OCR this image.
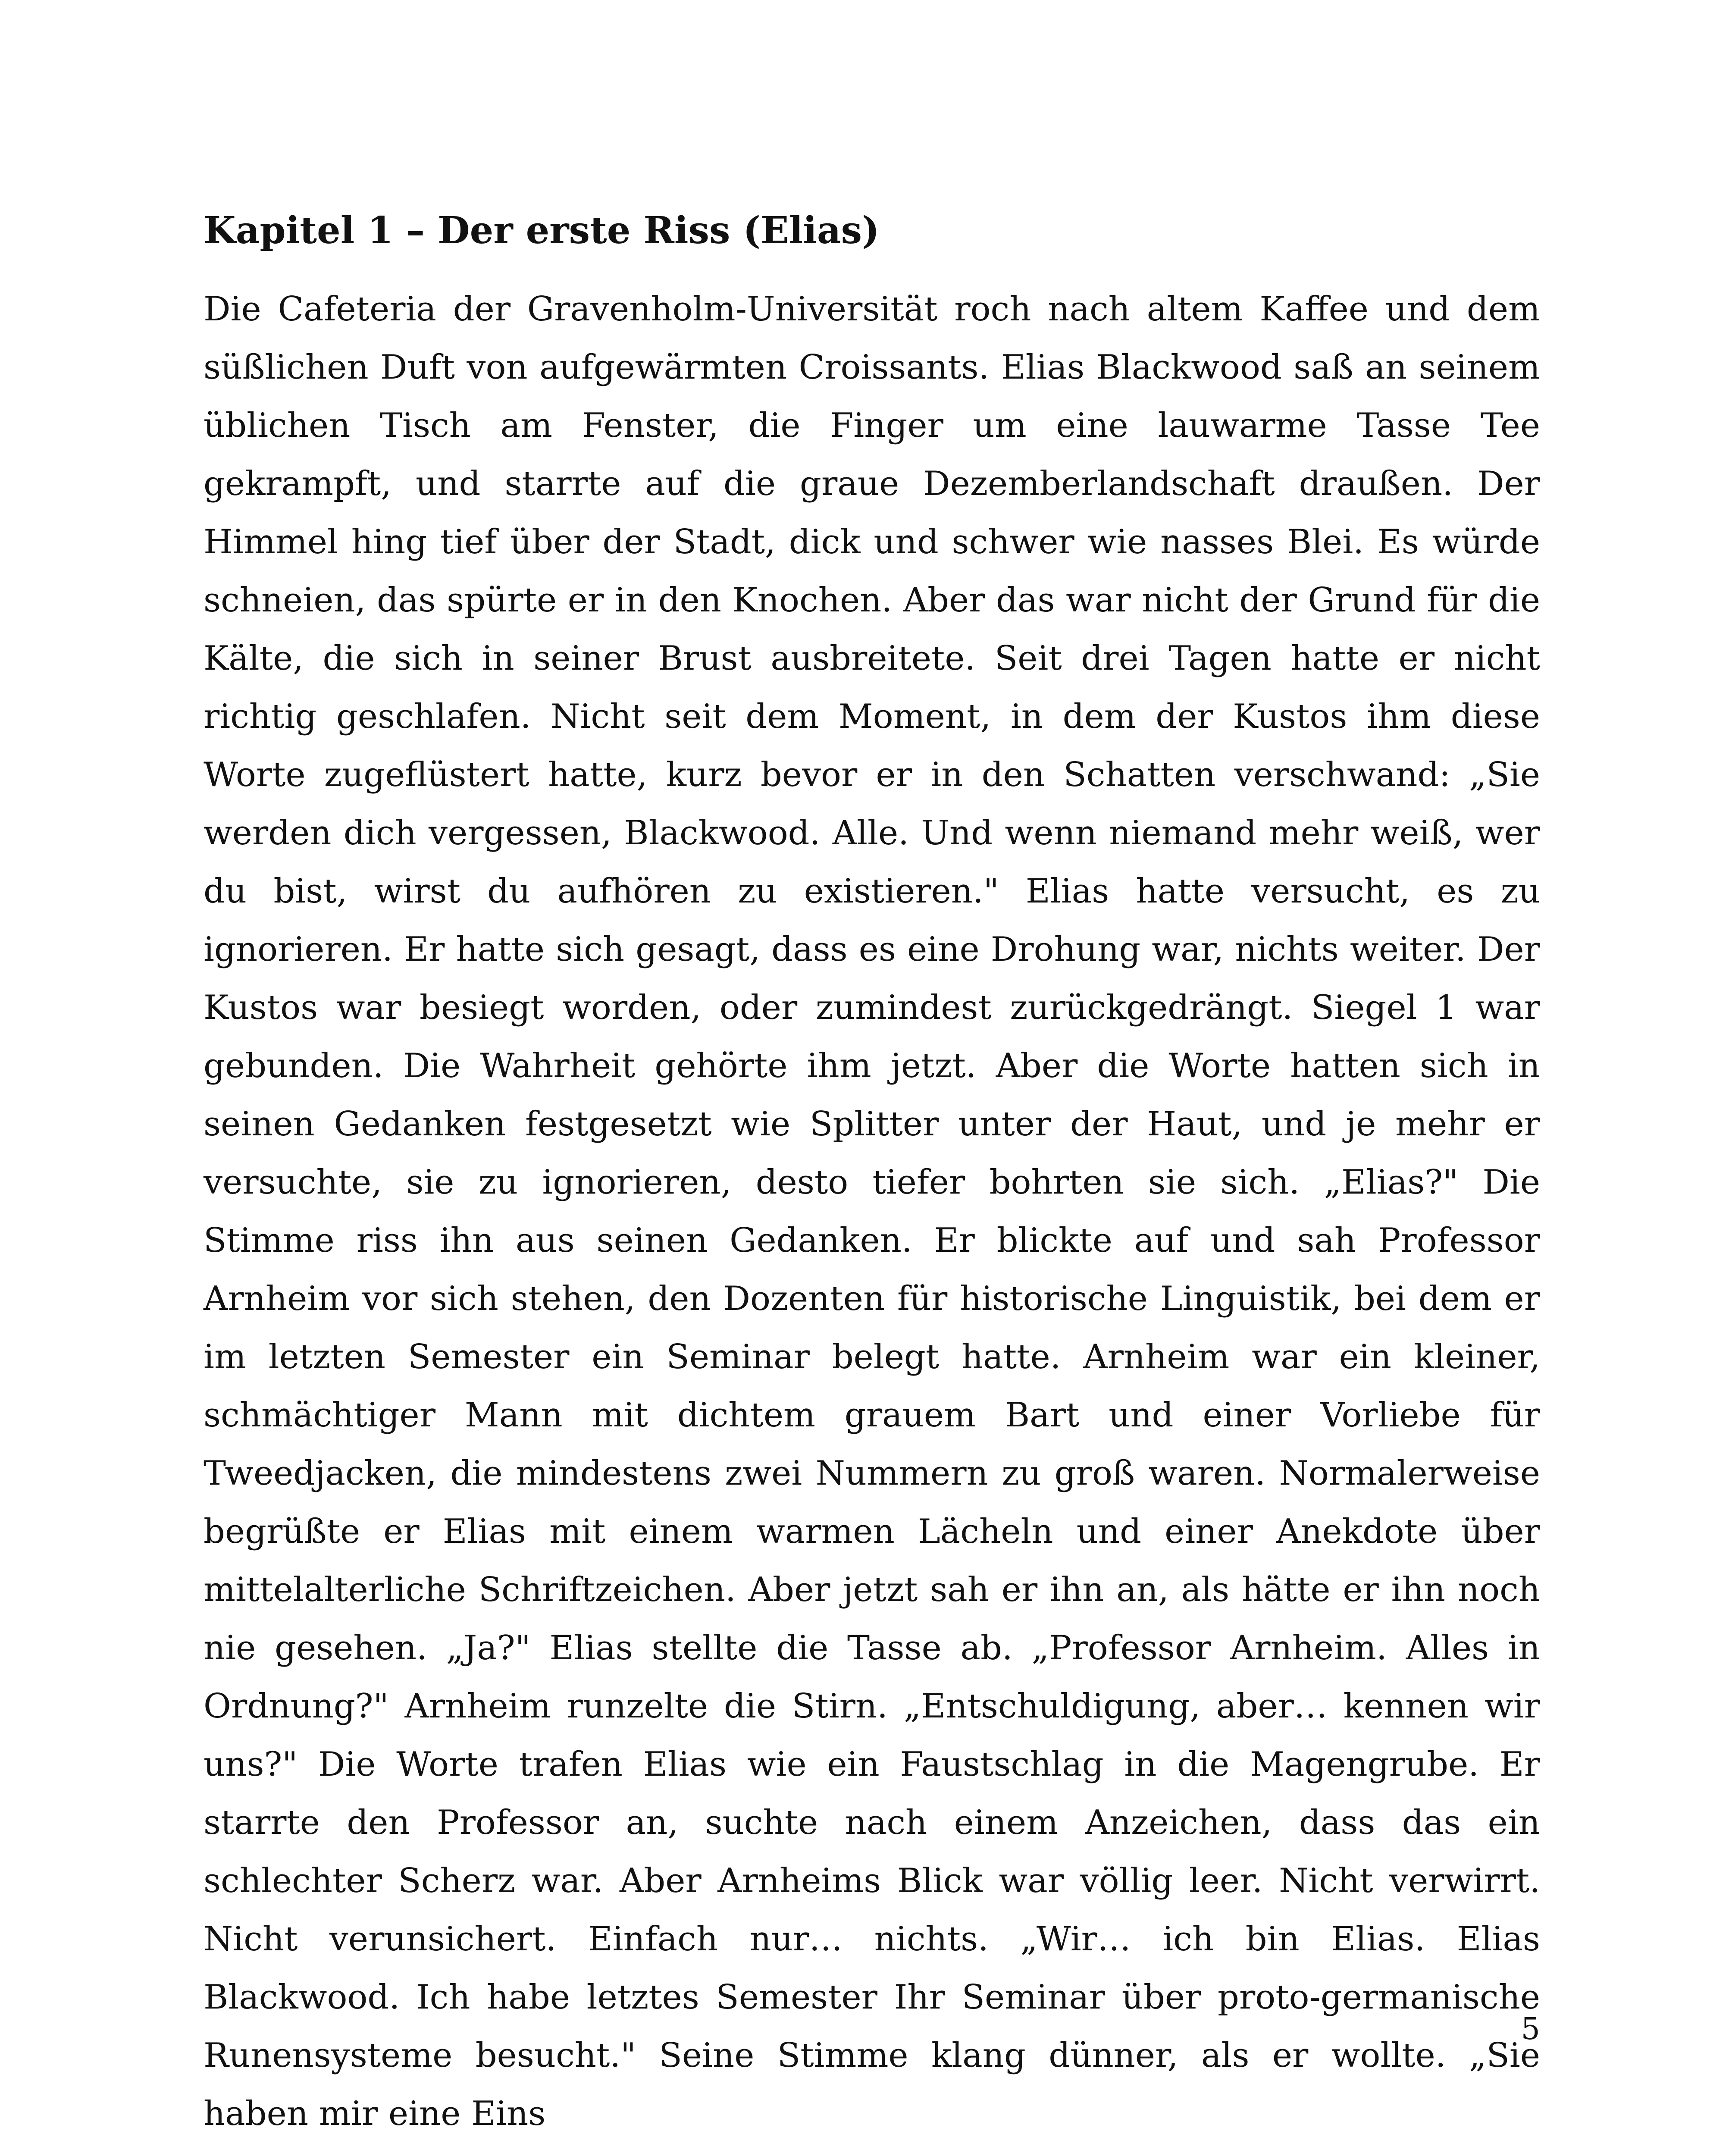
Kapitel 1 – Der erste Riss (Elias)

Die Cafeteria der Gravenholm-Universität roch nach altem Kaffee und dem süßlichen Duft von aufgewärmten Croissants. Elias Blackwood saß an seinem üblichen Tisch am Fenster, die Finger um eine lauwarme Tasse Tee gekrampft, und starrte auf die graue Dezemberlandschaft draußen. Der Himmel hing tief über der Stadt, dick und schwer wie nasses Blei. Es würde schneien, das spürte er in den Knochen. Aber das war nicht der Grund für die Kälte, die sich in seiner Brust ausbreitete. Seit drei Tagen hatte er nicht richtig geschlafen. Nicht seit dem Moment, in dem der Kustos ihm diese Worte zugeflüstert hatte, kurz bevor er in den Schatten verschwand: „Sie werden dich vergessen, Blackwood. Alle. Und wenn niemand mehr weiß, wer du bist, wirst du aufhören zu existieren." Elias hatte versucht, es zu ignorieren. Er hatte sich gesagt, dass es eine Drohung war, nichts weiter. Der Kustos war besiegt worden, oder zumindest zurückgedrängt. Siegel 1 war gebunden. Die Wahrheit gehörte ihm jetzt. Aber die Worte hatten sich in seinen Gedanken festgesetzt wie Splitter unter der Haut, und je mehr er versuchte, sie zu ignorieren, desto tiefer bohrten sie sich. „Elias?" Die Stimme riss ihn aus seinen Gedanken. Er blickte auf und sah Professor Arnheim vor sich stehen, den Dozenten für historische Linguistik, bei dem er im letzten Semester ein Seminar belegt hatte. Arnheim war ein kleiner, schmächtiger Mann mit dichtem grauem Bart und einer Vorliebe für Tweedjacken, die mindestens zwei Nummern zu groß waren. Normalerweise begrüßte er Elias mit einem warmen Lächeln und einer Anekdote über mittelalterliche Schriftzeichen. Aber jetzt sah er ihn an, als hätte er ihn noch nie gesehen. „Ja?" Elias stellte die Tasse ab. „Professor Arnheim. Alles in Ordnung?" Arnheim runzelte die Stirn. „Entschuldigung, aber… kennen wir uns?" Die Worte trafen Elias wie ein Faustschlag in die Magengrube. Er starrte den Professor an, suchte nach einem Anzeichen, dass das ein schlechter Scherz war. Aber Arnheims Blick war völlig leer. Nicht verwirrt. Nicht verunsichert. Einfach nur… nichts. „Wir… ich bin Elias. Elias Blackwood. Ich habe letztes Semester Ihr Seminar über proto-germanische Runensysteme besucht." Seine Stimme klang dünner, als er wollte. „Sie haben mir eine Eins

5
